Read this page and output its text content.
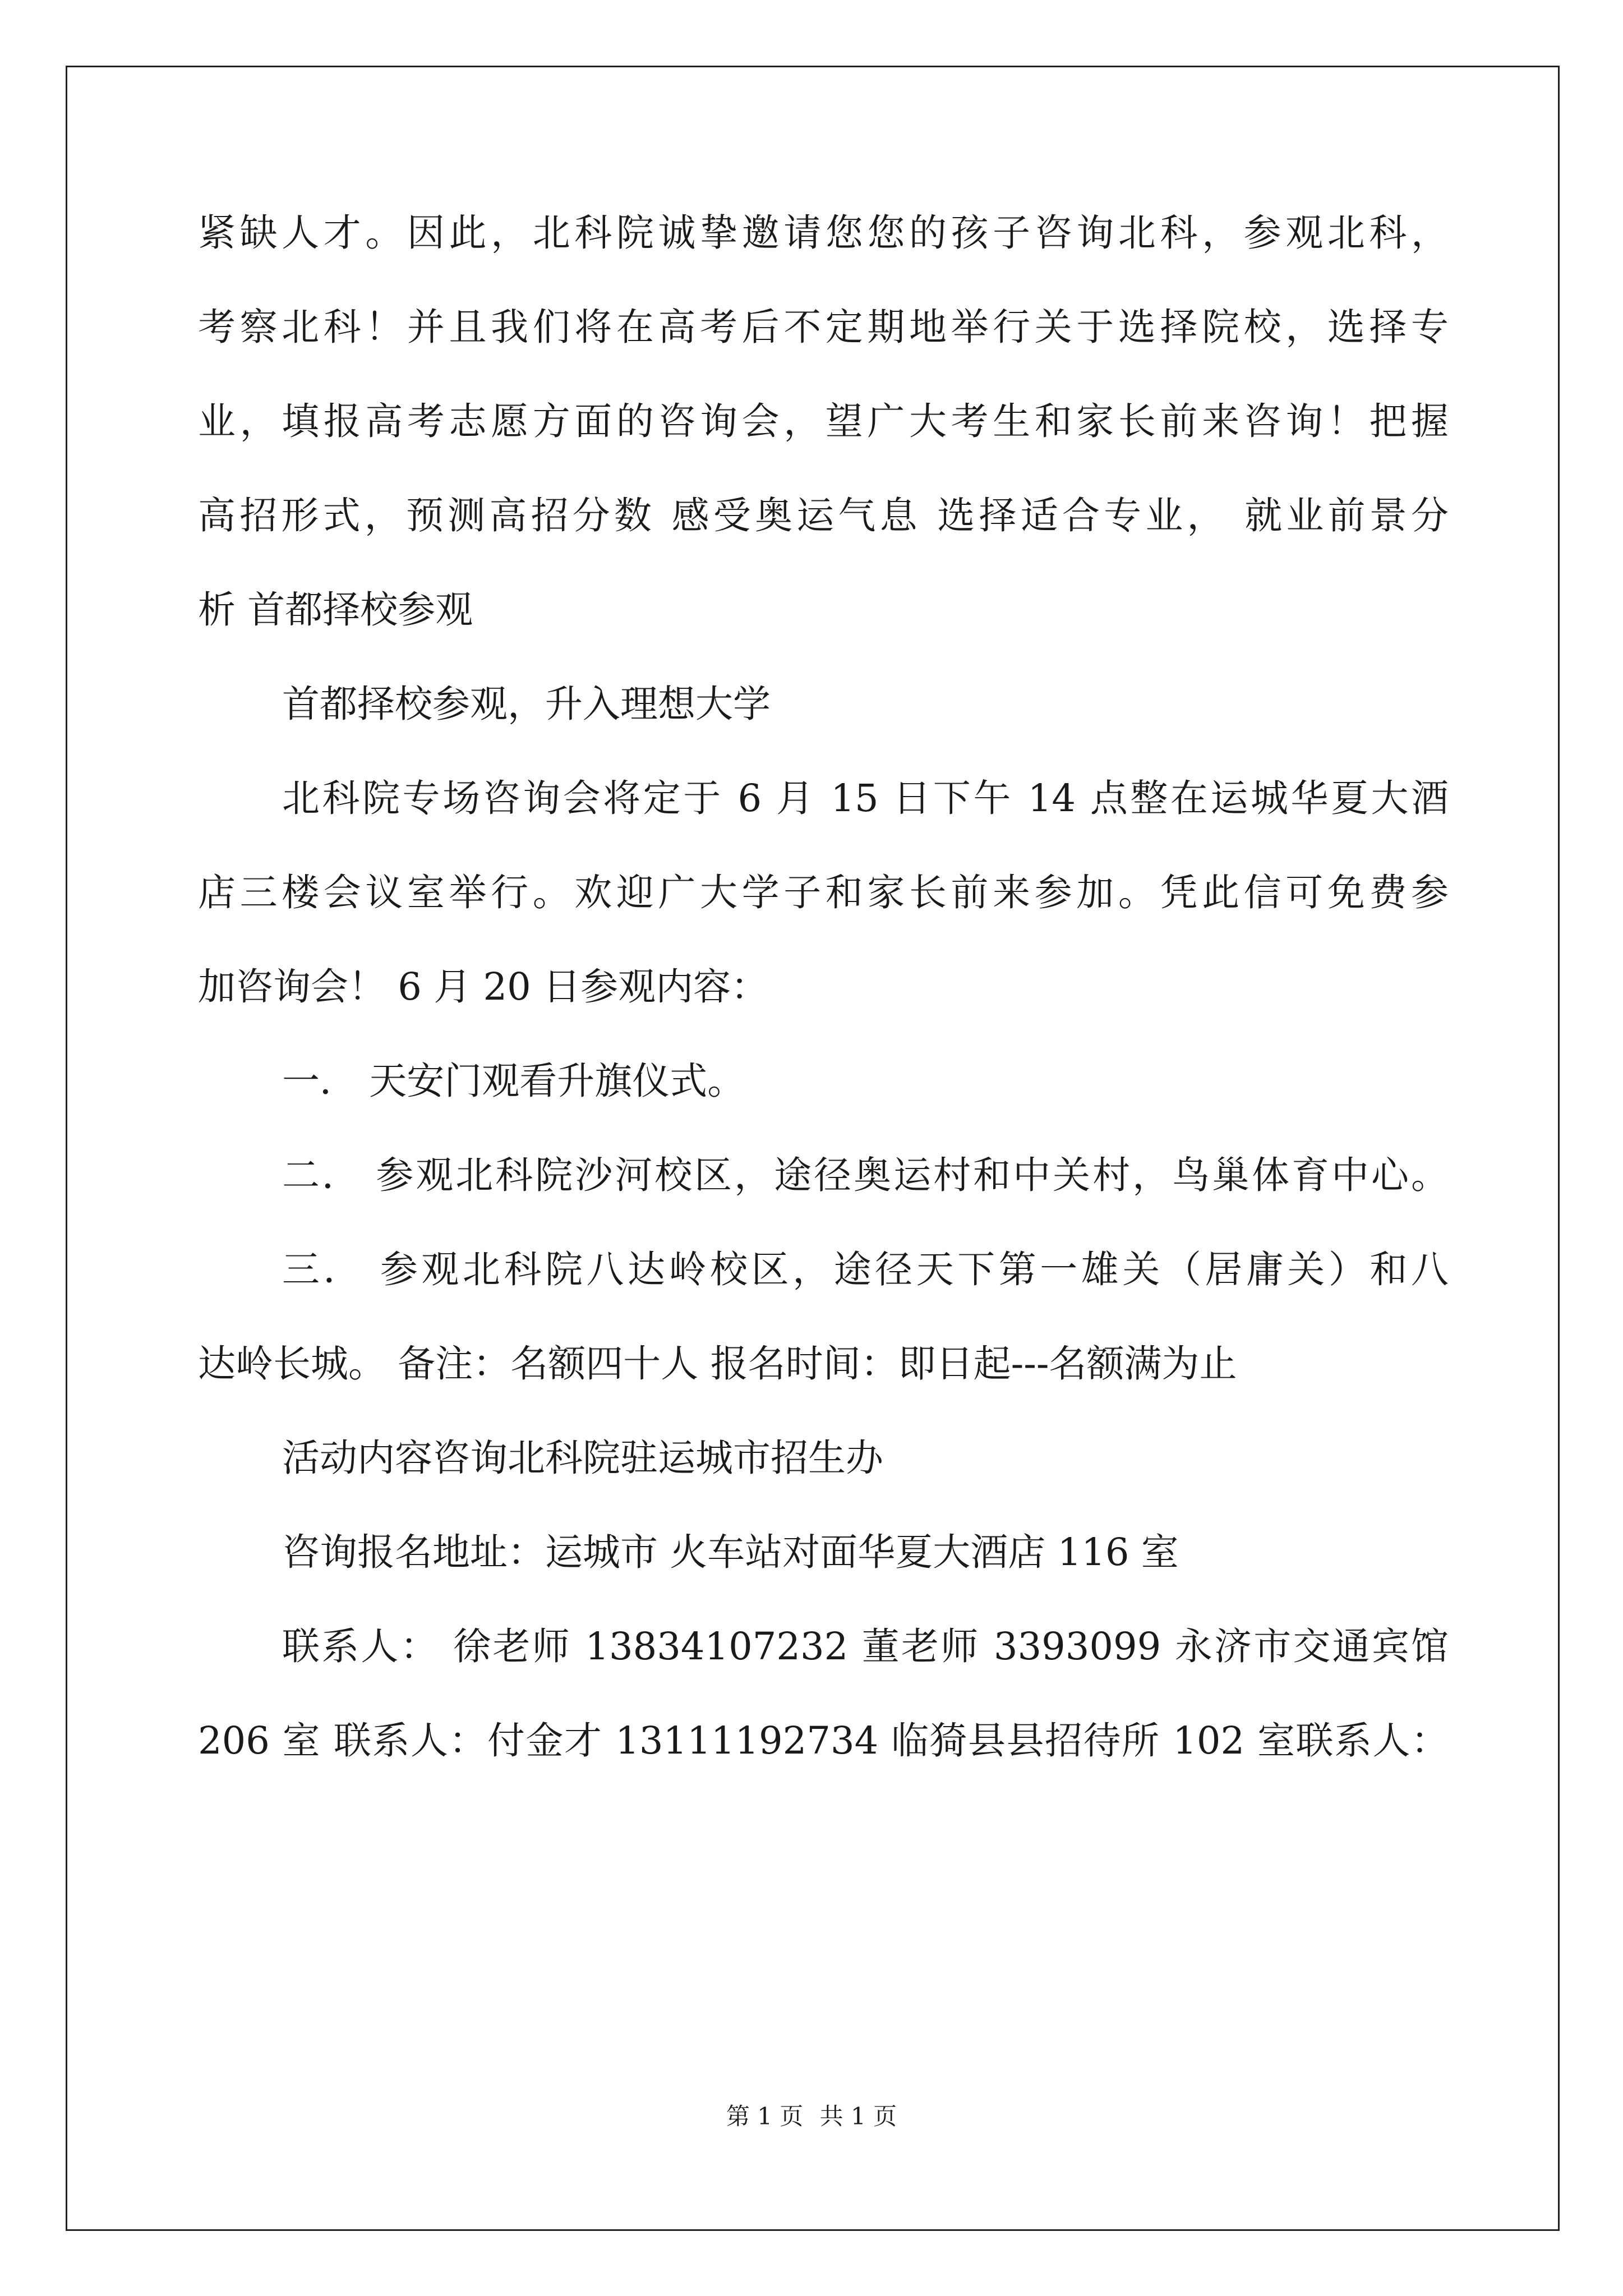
紧缺人才。因此，北科院诚挚邀请您您的孩子咨询北科，参观北科，
考察北科！并且我们将在高考后不定期地举行关于选择院校，选择专
业，填报高考志愿方面的咨询会，望广大考生和家长前来咨询！把握
高招形式，预测高招分数 感受奥运气息 选择适合专业， 就业前景分
析 首都择校参观
首都择校参观，升入理想大学
北科院专场咨询会将定于 6 月 15 日下午 14 点整在运城华夏大酒
店三楼会议室举行。欢迎广大学子和家长前来参加。凭此信可免费参
加咨询会！ 6 月 20 日参观内容：
一． 天安门观看升旗仪式。
二． 参观北科院沙河校区，途径奥运村和中关村，鸟巢体育中心。
三． 参观北科院八达岭校区，途径天下第一雄关（居庸关）和八
达岭长城。 备注：名额四十人 报名时间：即日起---名额满为止
活动内容咨询北科院驻运城市招生办
咨询报名地址：运城市 火车站对面华夏大酒店 116 室
联系人： 徐老师 13834107232 董老师 3393099 永济市交通宾馆
206 室 联系人：付金才 13111192734 临猗县县招待所 102 室联系人：
第 1 页 共 1 页
